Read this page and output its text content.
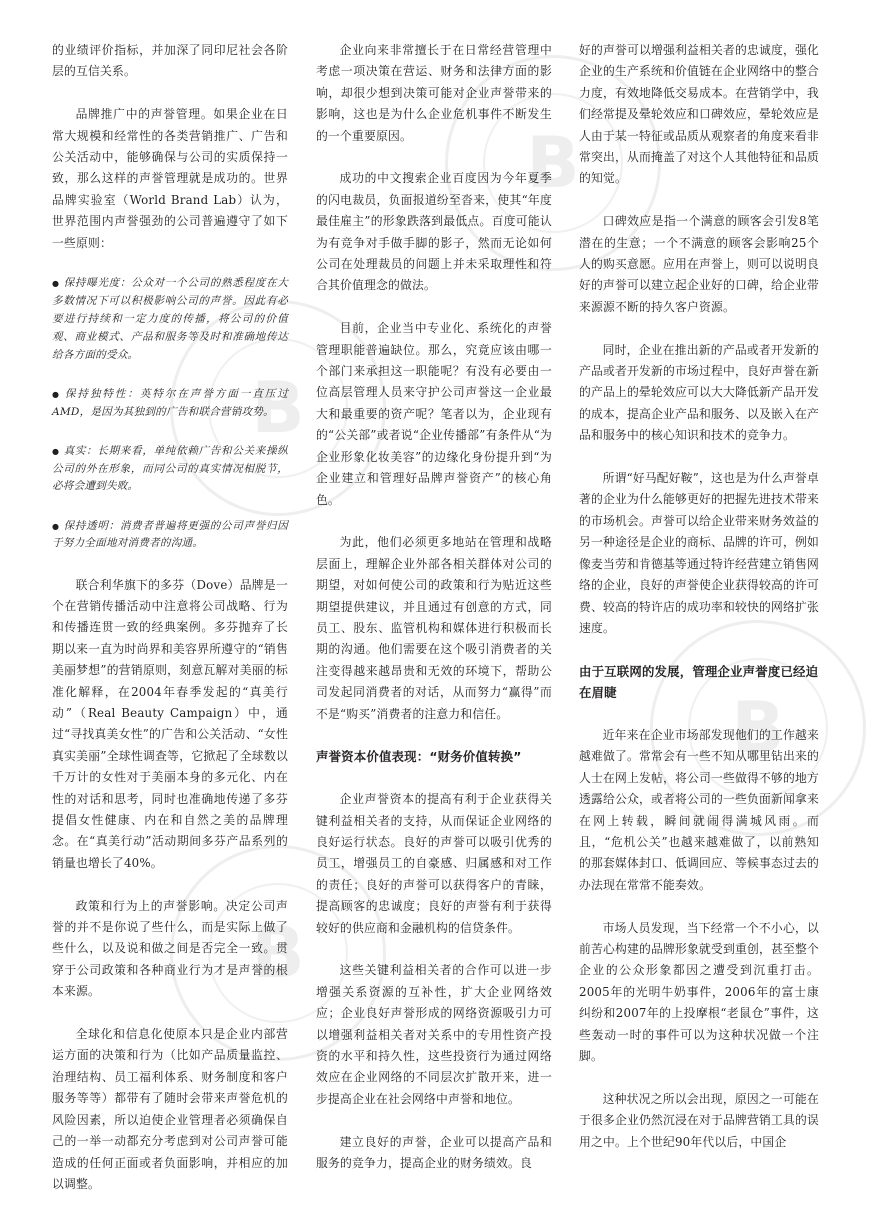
B
B
B
B

的业绩评价指标，并加深了同印尼社会各阶层的互信关系。

品牌推广中的声誉管理。如果企业在日常大规模和经常性的各类营销推广、广告和公关活动中，能够确保与公司的实质保持一致，那么这样的声誉管理就是成功的。世界品牌实验室（World Brand Lab）认为，世界范围内声誉强劲的公司普遍遵守了如下一些原则：

● 保持曝光度：公众对一个公司的熟悉程度在大多数情况下可以积极影响公司的声誉。因此有必要进行持续和一定力度的传播，将公司的价值观、商业模式、产品和服务等及时和准确地传达给各方面的受众。

● 保持独特性：英特尔在声誉方面一直压过AMD，是因为其独到的广告和联合营销攻势。

● 真实：长期来看，单纯依赖广告和公关来操纵公司的外在形象，而同公司的真实情况相脱节，必将会遭到失败。

● 保持透明：消费者普遍将更强的公司声誉归因于努力全面地对消费者的沟通。

联合利华旗下的多芬（Dove）品牌是一个在营销传播活动中注意将公司战略、行为和传播连贯一致的经典案例。多芬抛弃了长期以来一直为时尚界和美容界所遵守的“销售美丽梦想”的营销原则，刻意瓦解对美丽的标准化解释，在2004年春季发起的“真美行动”（Real Beauty Campaign）中，通过“寻找真美女性”的广告和公关活动、“女性真实美丽”全球性调查等，它掀起了全球数以千万计的女性对于美丽本身的多元化、内在性的对话和思考，同时也准确地传递了多芬提倡女性健康、内在和自然之美的品牌理念。在“真美行动”活动期间多芬产品系列的销量也增长了40%。

政策和行为上的声誉影响。决定公司声誉的并不是你说了些什么，而是实际上做了些什么，以及说和做之间是否完全一致。贯穿于公司政策和各种商业行为才是声誉的根本来源。

全球化和信息化使原本只是企业内部营运方面的决策和行为（比如产品质量监控、治理结构、员工福利体系、财务制度和客户服务等等）都带有了随时会带来声誉危机的风险因素，所以迫使企业管理者必须确保自己的一举一动都充分考虑到对公司声誉可能造成的任何正面或者负面影响，并相应的加以调整。

企业向来非常擅长于在日常经营管理中考虑一项决策在营运、财务和法律方面的影响，却很少想到决策可能对企业声誉带来的影响，这也是为什么企业危机事件不断发生的一个重要原因。

成功的中文搜索企业百度因为今年夏季的闪电裁员，负面报道纷至沓来，使其“年度最佳雇主”的形象跌落到最低点。百度可能认为有竞争对手做手脚的影子，然而无论如何公司在处理裁员的问题上并未采取理性和符合其价值理念的做法。

目前，企业当中专业化、系统化的声誉管理职能普遍缺位。那么，究竟应该由哪一个部门来承担这一职能呢？有没有必要由一位高层管理人员来守护公司声誉这一企业最大和最重要的资产呢？笔者以为，企业现有的“公关部”或者说“企业传播部”有条件从“为企业形象化妆美容”的边缘化身份提升到“为企业建立和管理好品牌声誉资产”的核心角色。

为此，他们必须更多地站在管理和战略层面上，理解企业外部各相关群体对公司的期望，对如何使公司的政策和行为贴近这些期望提供建议，并且通过有创意的方式，同员工、股东、监管机构和媒体进行积极而长期的沟通。他们需要在这个吸引消费者的关注变得越来越昂贵和无效的环境下，帮助公司发起同消费者的对话，从而努力“赢得”而不是“购买”消费者的注意力和信任。

声誉资本价值表现：“财务价值转换”

企业声誉资本的提高有利于企业获得关键利益相关者的支持，从而保证企业网络的良好运行状态。良好的声誉可以吸引优秀的员工，增强员工的自豪感、归属感和对工作的责任；良好的声誉可以获得客户的青睐，提高顾客的忠诚度；良好的声誉有利于获得较好的供应商和金融机构的信贷条件。

这些关键利益相关者的合作可以进一步增强关系资源的互补性，扩大企业网络效应；企业良好声誉形成的网络资源吸引力可以增强利益相关者对关系中的专用性资产投资的水平和持久性，这些投资行为通过网络效应在企业网络的不同层次扩散开来，进一步提高企业在社会网络中声誉和地位。

建立良好的声誉，企业可以提高产品和服务的竞争力，提高企业的财务绩效。良

好的声誉可以增强利益相关者的忠诚度，强化企业的生产系统和价值链在企业网络中的整合力度，有效地降低交易成本。在营销学中，我们经常提及晕轮效应和口碑效应，晕轮效应是人由于某一特征或品质从观察者的角度来看非常突出，从而掩盖了对这个人其他特征和品质的知觉。

口碑效应是指一个满意的顾客会引发8笔潜在的生意；一个不满意的顾客会影响25个人的购买意愿。应用在声誉上，则可以说明良好的声誉可以建立起企业好的口碑，给企业带来源源不断的持久客户资源。

同时，企业在推出新的产品或者开发新的产品或者开发新的市场过程中，良好声誉在新的产品上的晕轮效应可以大大降低新产品开发的成本，提高企业产品和服务、以及嵌入在产品和服务中的核心知识和技术的竞争力。

所谓“好马配好鞍”，这也是为什么声誉卓著的企业为什么能够更好的把握先进技术带来的市场机会。声誉可以给企业带来财务效益的另一种途径是企业的商标、品牌的许可，例如像麦当劳和肯德基等通过特许经营建立销售网络的企业，良好的声誉使企业获得较高的许可费、较高的特许店的成功率和较快的网络扩张速度。

由于互联网的发展，管理企业声誉度已经迫在眉睫

近年来在企业市场部发现他们的工作越来越难做了。常常会有一些不知从哪里钻出来的人士在网上发帖，将公司一些做得不够的地方透露给公众，或者将公司的一些负面新闻拿来在网上转载，瞬间就闹得满城风雨。而且，“危机公关”也越来越难做了，以前熟知的那套媒体封口、低调回应、等候事态过去的办法现在常常不能奏效。

市场人员发现，当下经常一个不小心，以前苦心构建的品牌形象就受到重创，甚至整个企业的公众形象都因之遭受到沉重打击。2005年的光明牛奶事件，2006年的富士康纠纷和2007年的上投摩根“老鼠仓”事件，这些轰动一时的事件可以为这种状况做一个注脚。

这种状况之所以会出现，原因之一可能在于很多企业仍然沉浸在对于品牌营销工具的误用之中。上个世纪90年代以后，中国企
